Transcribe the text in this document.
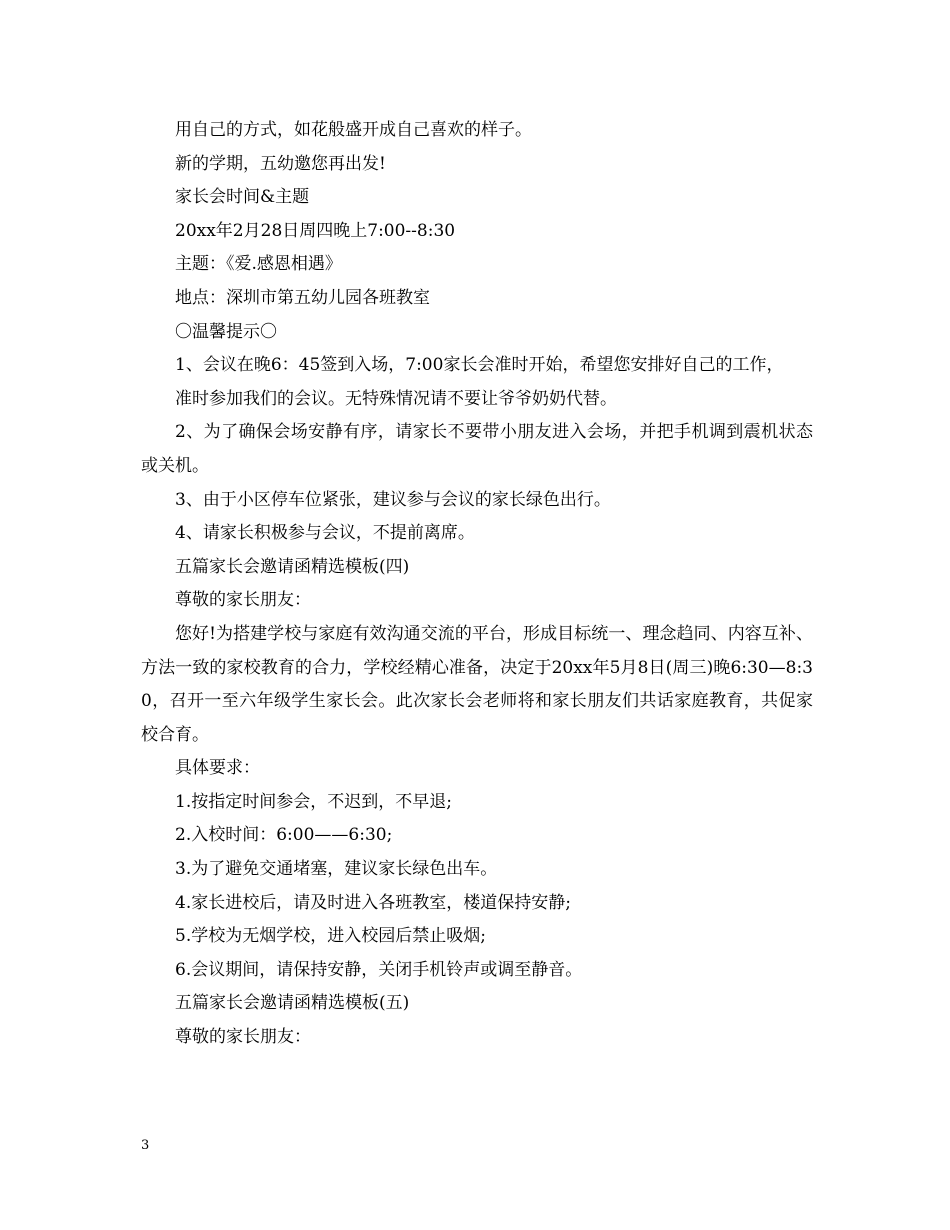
用自己的方式，如花般盛开成自己喜欢的样子。

新的学期，五幼邀您再出发!

家长会时间&主题

20xx年2月28日周四晚上7:00--8:30

主题：《爱.感恩相遇》

地点：深圳市第五幼儿园各班教室

〇温馨提示〇

1、会议在晚6：45签到入场，7:00家长会准时开始，希望您安排好自己的工作，

准时参加我们的会议。无特殊情况请不要让爷爷奶奶代替。

2、为了确保会场安静有序，请家长不要带小朋友进入会场，并把手机调到震机状态或关机。

3、由于小区停车位紧张，建议参与会议的家长绿色出行。

4、请家长积极参与会议，不提前离席。

五篇家长会邀请函精选模板(四)

尊敬的家长朋友：

您好!为搭建学校与家庭有效沟通交流的平台，形成目标统一、理念趋同、内容互补、方法一致的家校教育的合力，学校经精心准备，决定于20xx年5月8日(周三)晚6:30—8:30，召开一至六年级学生家长会。此次家长会老师将和家长朋友们共话家庭教育，共促家校合育。

具体要求：

1.按指定时间参会，不迟到，不早退;

2.入校时间：6:00——6:30;

3.为了避免交通堵塞，建议家长绿色出车。

4.家长进校后，请及时进入各班教室，楼道保持安静;

5.学校为无烟学校，进入校园后禁止吸烟;

6.会议期间，请保持安静，关闭手机铃声或调至静音。

五篇家长会邀请函精选模板(五)

尊敬的家长朋友：

3
